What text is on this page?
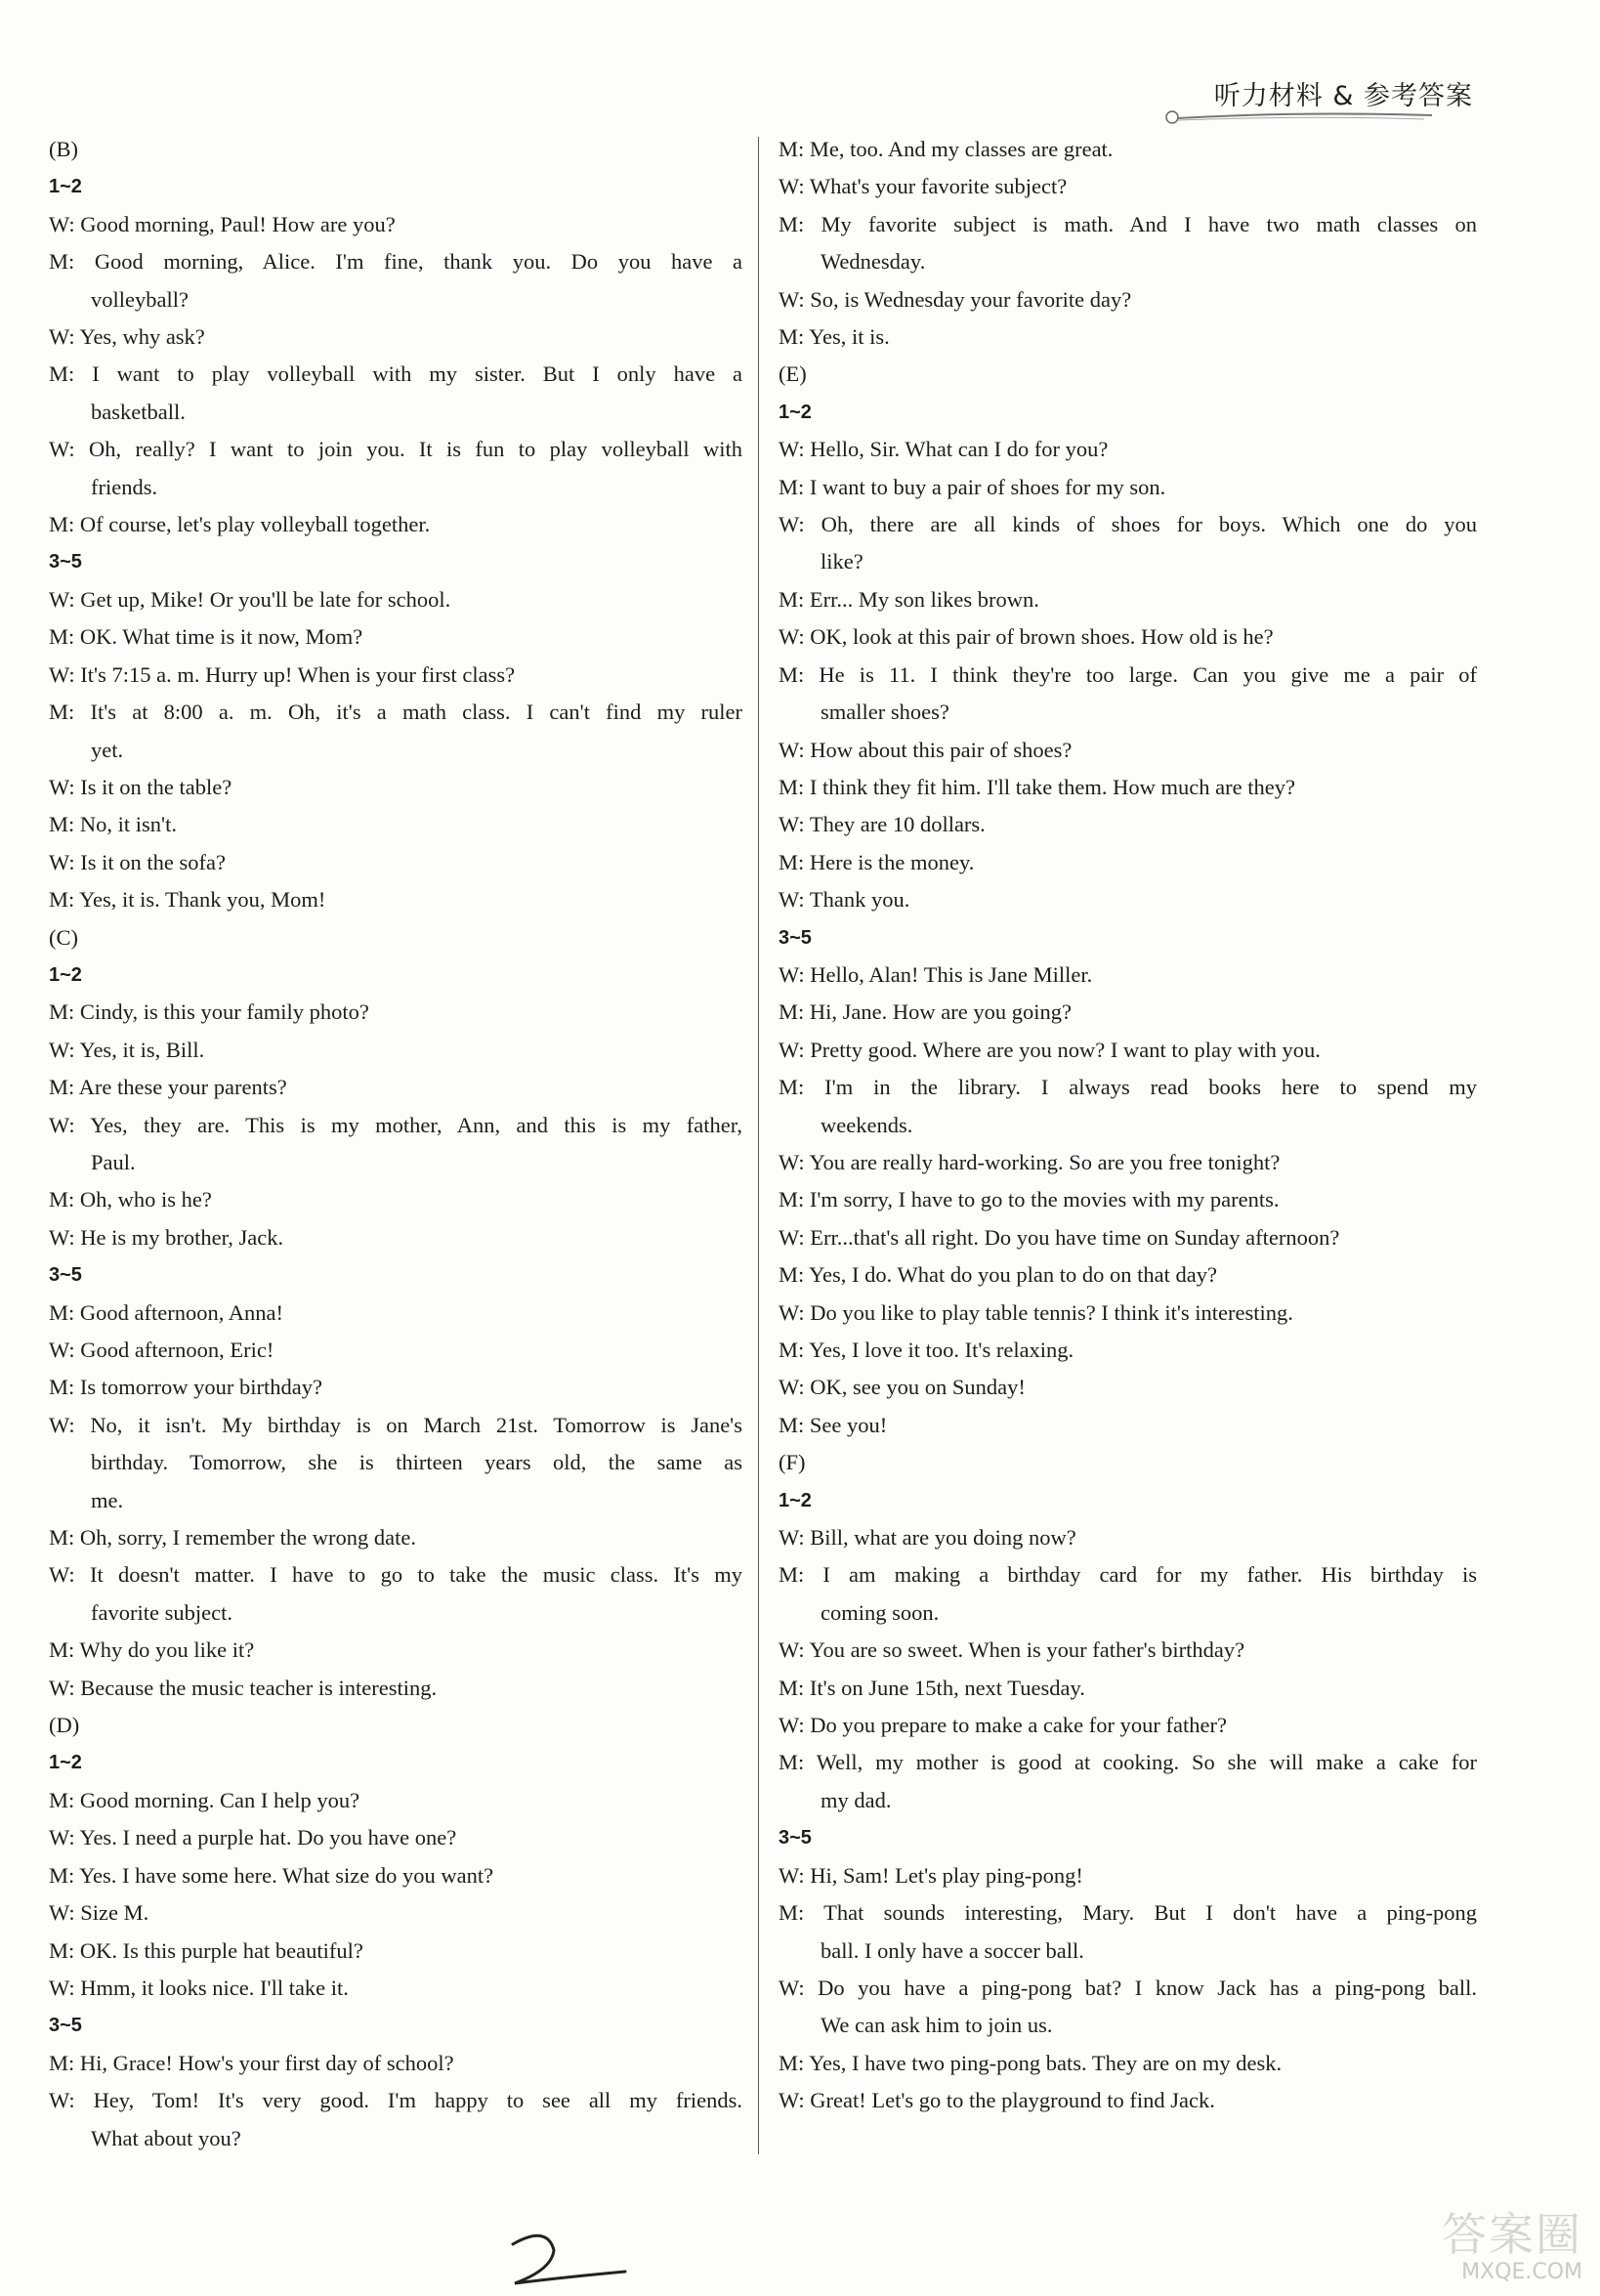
听力材料 & 参考答案
(B)
1~2
W: Good morning, Paul! How are you?
M: Good morning, Alice. I'm fine, thank you. Do you have a
volleyball?
W: Yes, why ask?
M: I want to play volleyball with my sister. But I only have a
basketball.
W: Oh, really? I want to join you. It is fun to play volleyball with
friends.
M: Of course, let's play volleyball together.
3~5
W: Get up, Mike! Or you'll be late for school.
M: OK. What time is it now, Mom?
W: It's 7:15 a. m. Hurry up! When is your first class?
M: It's at 8:00 a. m. Oh, it's a math class. I can't find my ruler
yet.
W: Is it on the table?
M: No, it isn't.
W: Is it on the sofa?
M: Yes, it is. Thank you, Mom!
(C)
1~2
M: Cindy, is this your family photo?
W: Yes, it is, Bill.
M: Are these your parents?
W: Yes, they are. This is my mother, Ann, and this is my father,
Paul.
M: Oh, who is he?
W: He is my brother, Jack.
3~5
M: Good afternoon, Anna!
W: Good afternoon, Eric!
M: Is tomorrow your birthday?
W: No, it isn't. My birthday is on March 21st. Tomorrow is Jane's
birthday. Tomorrow, she is thirteen years old, the same as
me.
M: Oh, sorry, I remember the wrong date.
W: It doesn't matter. I have to go to take the music class. It's my
favorite subject.
M: Why do you like it?
W: Because the music teacher is interesting.
(D)
1~2
M: Good morning. Can I help you?
W: Yes. I need a purple hat. Do you have one?
M: Yes. I have some here. What size do you want?
W: Size M.
M: OK. Is this purple hat beautiful?
W: Hmm, it looks nice. I'll take it.
3~5
M: Hi, Grace! How's your first day of school?
W: Hey, Tom! It's very good. I'm happy to see all my friends.
What about you?
M: Me, too. And my classes are great.
W: What's your favorite subject?
M: My favorite subject is math. And I have two math classes on
Wednesday.
W: So, is Wednesday your favorite day?
M: Yes, it is.
(E)
1~2
W: Hello, Sir. What can I do for you?
M: I want to buy a pair of shoes for my son.
W: Oh, there are all kinds of shoes for boys. Which one do you
like?
M: Err... My son likes brown.
W: OK, look at this pair of brown shoes. How old is he?
M: He is 11. I think they're too large. Can you give me a pair of
smaller shoes?
W: How about this pair of shoes?
M: I think they fit him. I'll take them. How much are they?
W: They are 10 dollars.
M: Here is the money.
W: Thank you.
3~5
W: Hello, Alan! This is Jane Miller.
M: Hi, Jane. How are you going?
W: Pretty good. Where are you now? I want to play with you.
M: I'm in the library. I always read books here to spend my
weekends.
W: You are really hard-working. So are you free tonight?
M: I'm sorry, I have to go to the movies with my parents.
W: Err...that's all right. Do you have time on Sunday afternoon?
M: Yes, I do. What do you plan to do on that day?
W: Do you like to play table tennis? I think it's interesting.
M: Yes, I love it too. It's relaxing.
W: OK, see you on Sunday!
M: See you!
(F)
1~2
W: Bill, what are you doing now?
M: I am making a birthday card for my father. His birthday is
coming soon.
W: You are so sweet. When is your father's birthday?
M: It's on June 15th, next Tuesday.
W: Do you prepare to make a cake for your father?
M: Well, my mother is good at cooking. So she will make a cake for
my dad.
3~5
W: Hi, Sam! Let's play ping-pong!
M: That sounds interesting, Mary. But I don't have a ping-pong
ball. I only have a soccer ball.
W: Do you have a ping-pong bat? I know Jack has a ping-pong ball.
We can ask him to join us.
M: Yes, I have two ping-pong bats. They are on my desk.
W: Great! Let's go to the playground to find Jack.
答案圈
MXQE.COM
